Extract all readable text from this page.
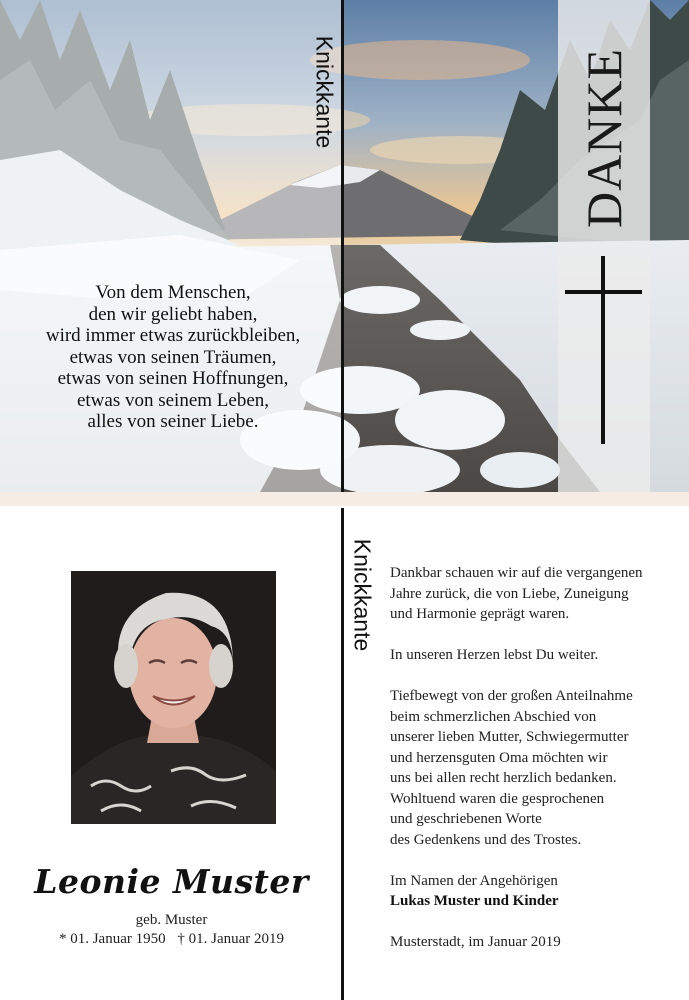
Knickkante
Von dem Menschen,
den wir geliebt haben,
wird immer etwas zurückbleiben,
etwas von seinen Träumen,
etwas von seinen Hoffnungen,
etwas von seinem Leben,
alles von seiner Liebe.
DANKE
Leonie Muster
geb. Muster
* 01. Januar 1950 † 01. Januar 2019
Knickkante Dankbar schauen wir auf die vergangenen
Jahre zurück, die von Liebe, Zuneigung
und Harmonie geprägt waren.
In unseren Herzen lebst Du weiter.
Tiefbewegt von der großen Anteilnahme
beim schmerzlichen Abschied von
unserer lieben Mutter, Schwiegermutter
und herzensguten Oma möchten wir
uns bei allen recht herzlich bedanken.
Wohltuend waren die gesprochenen
und geschriebenen Worte
des Gedenkens und des Trostes.
Im Namen der Angehörigen
Lukas Muster und Kinder
Musterstadt, im Januar 2019
